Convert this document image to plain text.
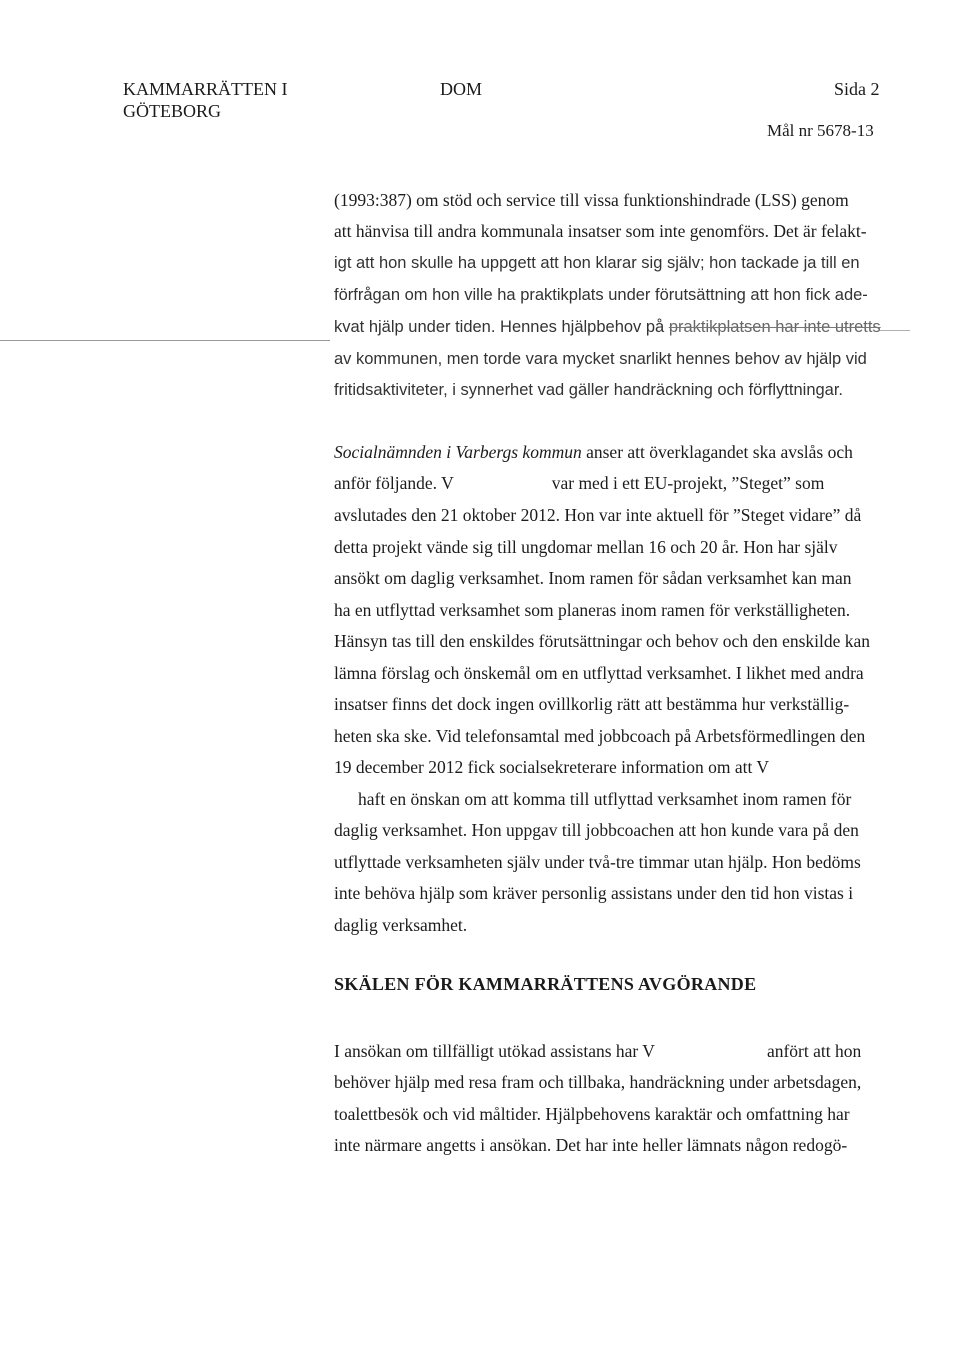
KAMMARRÄTTEN I
GÖTEBORG
DOM	Sida 2
Mål nr 5678-13
(1993:387) om stöd och service till vissa funktionshindrade (LSS) genom
att hänvisa till andra kommunala insatser som inte genomförs. Det är felakt-
igt att hon skulle ha uppgett att hon klarar sig själv; hon tackade ja till en
förfrågan om hon ville ha praktikplats under förutsättning att hon fick ade-
kvat hjälp under tiden. Hennes hjälpbehov på praktikplatsen har inte utretts
av kommunen, men torde vara mycket snarlikt hennes behov av hjälp vid
fritidsaktiviteter, i synnerhet vad gäller handräckning och förflyttningar.
Socialnämnden i Varbergs kommun anser att överklagandet ska avslås och
anför följande. V	var med i ett EU-projekt, ”Steget” som
avslutades den 21 oktober 2012. Hon var inte aktuell för ”Steget vidare” då
detta projekt vände sig till ungdomar mellan 16 och 20 år. Hon har själv
ansökt om daglig verksamhet. Inom ramen för sådan verksamhet kan man
ha en utflyttad verksamhet som planeras inom ramen för verkställigheten.
Hänsyn tas till den enskildes förutsättningar och behov och den enskilde kan
lämna förslag och önskemål om en utflyttad verksamhet. I likhet med andra
insatser finns det dock ingen ovillkorlig rätt att bestämma hur verkställig-
heten ska ske. Vid telefonsamtal med jobbcoach på Arbetsförmedlingen den
19 december 2012 fick socialsekreterare information om att V
haft en önskan om att komma till utflyttad verksamhet inom ramen för
daglig verksamhet. Hon uppgav till jobbcoachen att hon kunde vara på den
utflyttade verksamheten själv under två-tre timmar utan hjälp. Hon bedöms
inte behöva hjälp som kräver personlig assistans under den tid hon vistas i
daglig verksamhet.
SKÄLEN FÖR KAMMARRÄTTENS AVGÖRANDE
I ansökan om tillfälligt utökad assistans har V	anfört att hon
behöver hjälp med resa fram och tillbaka, handräckning under arbetsdagen,
toalettbesök och vid måltider. Hjälpbehovens karaktär och omfattning har
inte närmare angetts i ansökan. Det har inte heller lämnats någon redogö-
